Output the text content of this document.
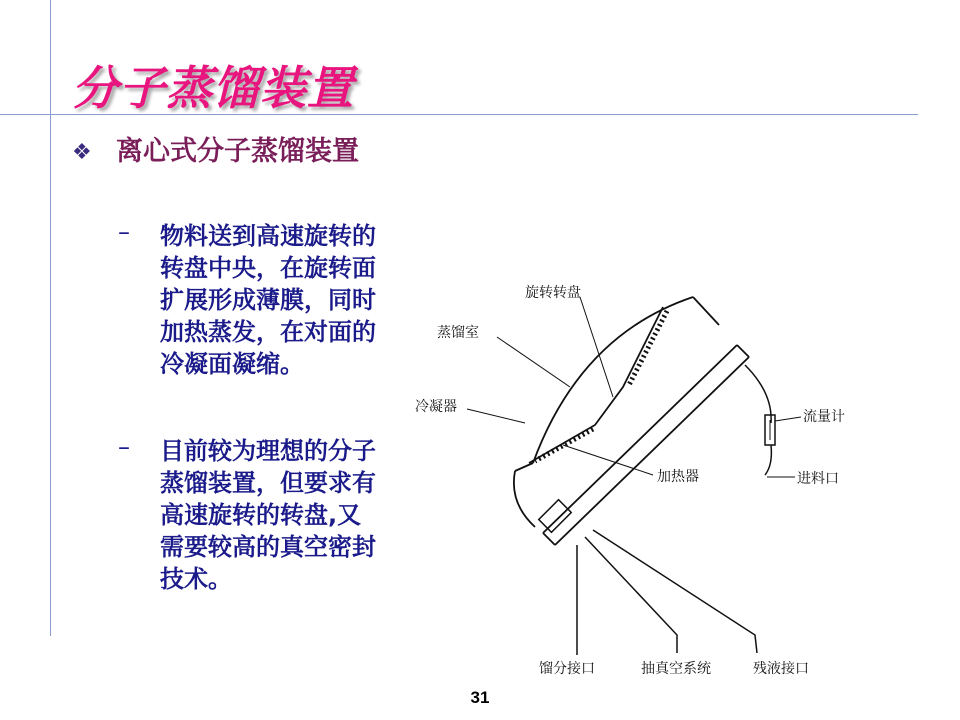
分子蒸馏装置
❖ 离心式分子蒸馏装置
– 物料送到高速旋转的转盘中央，在旋转面扩展形成薄膜，同时加热蒸发，在对面的冷凝面凝缩。
– 目前较为理想的分子蒸馏装置，但要求有高速旋转的转盘,又需要较高的真空密封技术。
旋转转盘
蒸馏室
冷凝器
流量计
加热器	进料口
馏分接口	抽真空系统	残液接口
31
